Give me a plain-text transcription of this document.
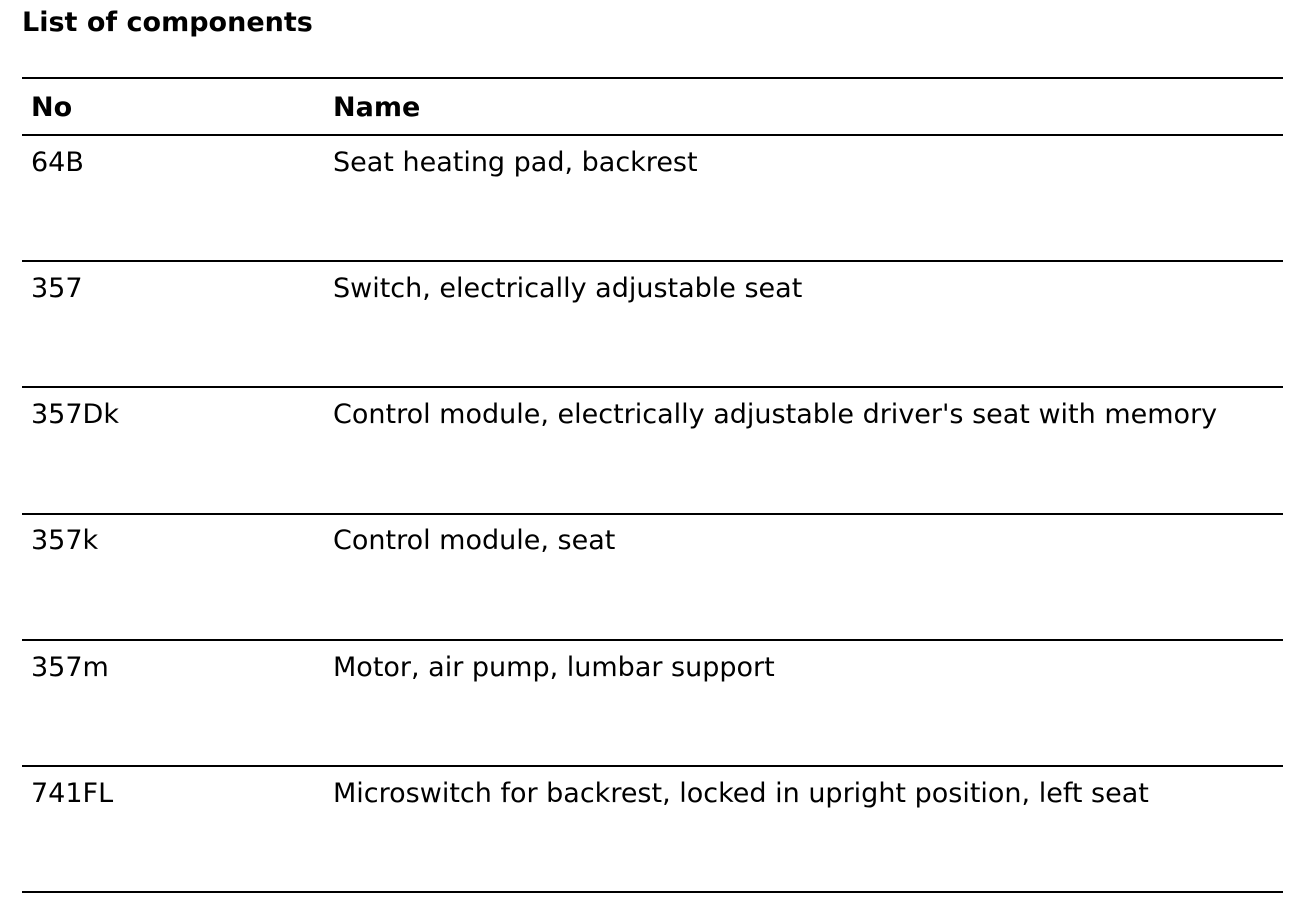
List of components
No	Name
64B	Seat heating pad, backrest
357	Switch, electrically adjustable seat
357Dk	Control module, electrically adjustable driver's seat with memory
357k	Control module, seat
357m	Motor, air pump, lumbar support
741FL	Microswitch for backrest, locked in upright position, left seat
